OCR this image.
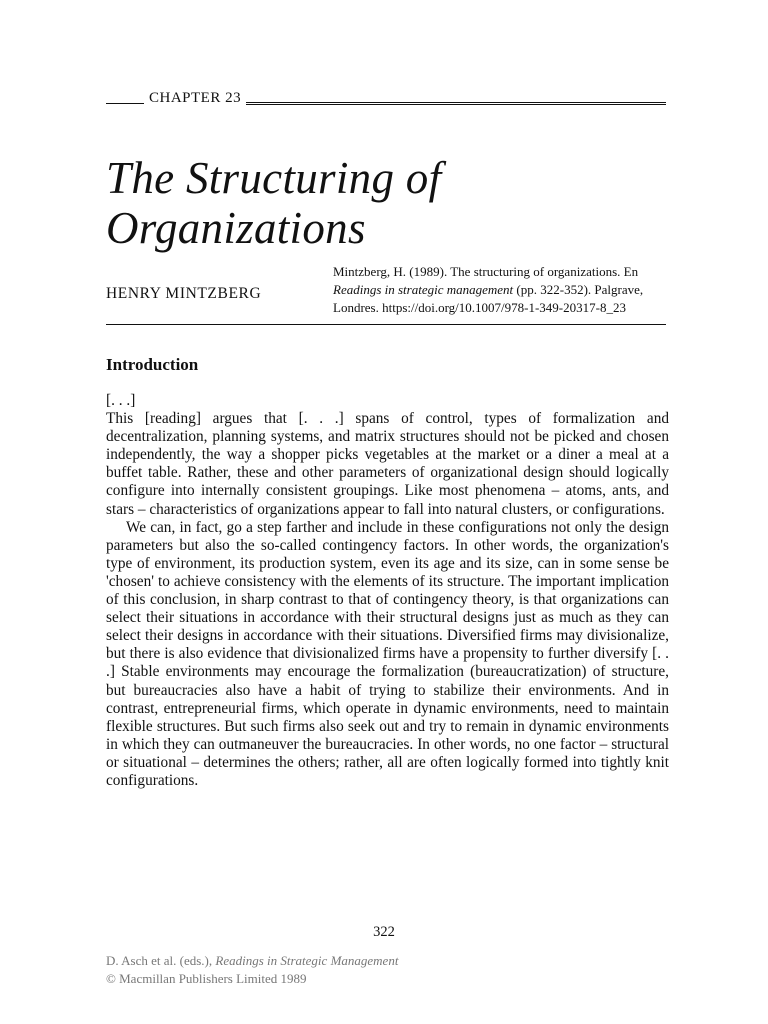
CHAPTER 23
The Structuring of
Organizations
HENRY MINTZBERG
Mintzberg, H. (1989). The structuring of organizations. En Readings in strategic management (pp. 322-352). Palgrave, Londres. https://doi.org/10.1007/978-1-349-20317-8_23
Introduction

[. . .]

This [reading] argues that [. . .] spans of control, types of formalization and decentralization, planning systems, and matrix structures should not be picked and chosen independently, the way a shopper picks vegetables at the market or a diner a meal at a buffet table. Rather, these and other parameters of organizational design should logically configure into internally consistent groupings. Like most phenomena – atoms, ants, and stars – characteristics of organizations appear to fall into natural clusters, or configurations.

We can, in fact, go a step farther and include in these configurations not only the design parameters but also the so-called contingency factors. In other words, the organization's type of environment, its production system, even its age and its size, can in some sense be 'chosen' to achieve consistency with the elements of its structure. The important implication of this conclusion, in sharp contrast to that of contingency theory, is that organizations can select their situations in accordance with their structural designs just as much as they can select their designs in accordance with their situations. Diversified firms may divisionalize, but there is also evidence that divisionalized firms have a propensity to further diversify [. . .] Stable environments may encourage the formalization (bureaucratization) of structure, but bureaucracies also have a habit of trying to stabilize their environments. And in contrast, entrepreneurial firms, which operate in dynamic environments, need to maintain flexible structures. But such firms also seek out and try to remain in dynamic environments in which they can outmaneuver the bureaucracies. In other words, no one factor – structural or situational – determines the others; rather, all are often logically formed into tightly knit configurations.

322
D. Asch et al. (eds.), Readings in Strategic Management
© Macmillan Publishers Limited 1989
